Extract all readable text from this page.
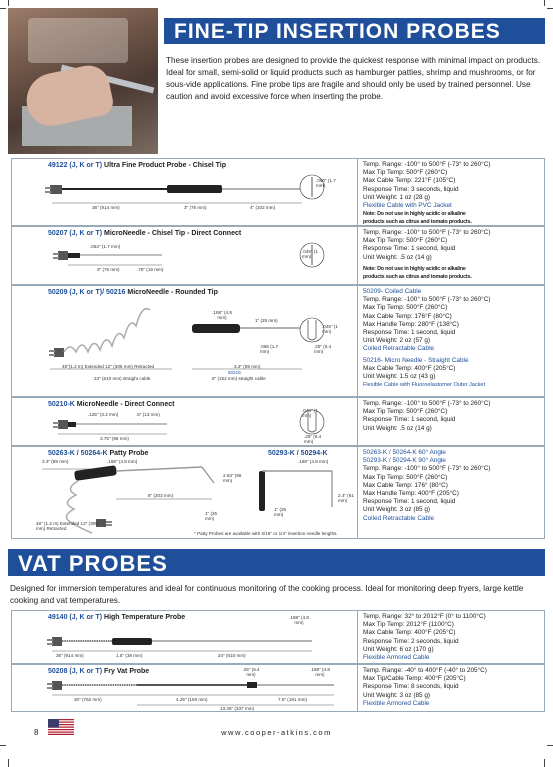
FINE-TIP INSERTION PROBES
These insertion probes are designed to provide the quickest response with minimal impact on products. Ideal for small, semi-solid or liquid products such as hamburger patties, shrimp and mushrooms, or for sous-vide applications. Fine probe tips are fragile and should only be used by trained personnel. Use caution and avoid excessive force when inserting the probe.
49122 (J, K or T) Ultra Fine Product Probe - Chisel Tip
.060" (1.7 mm)
36" (914 mm)	3" (76 mm)	4" (102 mm)
Temp. Range: -100° to 500°F (-73° to 260°C)
Max Tip Temp: 500°F (260°C)
Max Cable Temp: 221°F (105°C)
Response Time: 3 seconds, liquid
Unit Weight: 1 oz (28 g)
Flexible Cable with PVC Jacket
Note: Do not use in highly acidic or alkaline
products such as citrus and tomato products.
50207 (J, K or T) MicroNeedle - Chisel Tip - Direct Connect
.064" (1.7 mm)
3" (76 mm)	.75" (19 mm)
.045" (1 mm)
Temp. Range: -100° to 500°F (-73° to 260°C)
Max Tip Temp: 500°F (260°C)
Response Time: 1 second, liquid
Unit Weight: .5 oz (14 g)
Note: Do not use in highly acidic or alkaline
products such as citrus and tomato products.
50209 (J, K or T)/ 50216 MicroNeedle - Rounded Tip
.188" (4.8 mm)
1" (25 mm)
.045" (1 mm)
.065 (1.7 mm)
.25" (6.4 mm)
48"(1.2 m) Extended 12" (305 mm) Retracted	3.3" (89 mm)
50216
24" (610 mm) straight cable	6" (152 mm) straight cable
50209- Coiled Cable
Temp. Range: -100° to 500°F (-73° to 260°C)
Max Tip Temp: 500°F (260°C)
Max Cable Temp: 176°F (80°C)
Max Handle Temp: 280°F (138°C)
Response Time: 1 second, liquid
Unit Weight: 2 oz (57 g)
Coiled Retractable Cable
50216- Micro Needle - Straight Cable
Max Cable Temp: 400°F (205°C)
Unit Weight: 1.5 oz (43 g)
Flexible Cable with Fluoroelastomer Outer Jacket
50210-K MicroNeedle - Direct Connect
.125" (3.2 mm)	.5" (13 mm)
3.75" (95 mm)
.045" (1 mm)
.25" (6.4 mm)
Temp. Range: -100° to 500°F (-73° to 260°C)
Max Tip Temp: 500°F (260°C)
Response Time: 1 second, liquid
Unit Weight: .5 oz (14 g)
50263-K / 50264-K Patty Probe	50293-K / 50294-K
3.3" (89 mm)	.188" (4.8 mm)	.188" (4.8 mm)
8" (203 mm)
2.63" (66 mm)
1" (25 mm)
2.4" (61 mm)
1" (25 mm)
48" (1.2 m) Extended 12" (305 mm) Retracted
* Patty Probes are available with 3/16" or 1/4" insertion needle lengths.
50263-K / 50264-K 60° Angle
50293-K / 50294-K 90° Angle
Temp. Range: -100° to 500°F (-73° to 260°C)
Max Tip Temp: 500°F (260°C)
Max Cable Temp: 176° (80°C)
Max Handle Temp: 400°F (205°C)
Response Time: 1 second, liquid
Unit Weight: 3 oz (85 g)
Coiled Retractable Cable
VAT PROBES
Designed for immersion temperatures and ideal for continuous monitoring of the cooking process. Ideal for monitoring deep fryers, large kettle cooking and vat temperatures.
49140 (J, K or T) High Temperature Probe	.188" (4.8 mm)
36" (914 mm)	1.5" (38 mm)	24" (610 mm)
Temp. Range: 32° to 2012°F (0° to 1100°C)
Max Tip Temp: 2012°F (1100°C)
Max Cable Temp: 400°F (205°C)
Response Time: 2 seconds, liquid
Unit Weight: 6 oz (170 g)
Flexible Armored Cable
50208 (J, K or T) Fry Vat Probe	.25" (6.4 mm)
.188" (4.8 mm)
30" (762 mm)	4.25" (108 mm)	7.5" (191 mm)
13.25" (337 mm)
Temp. Range: -40° to 400°F (-40° to 205°C)
Max Tip/Cable Temp: 400°F (205°C)
Response Time: 8 seconds, liquid
Unit Weight: 3 oz (85 g)
Flexible Armored Cable
8	www.cooper-atkins.com
